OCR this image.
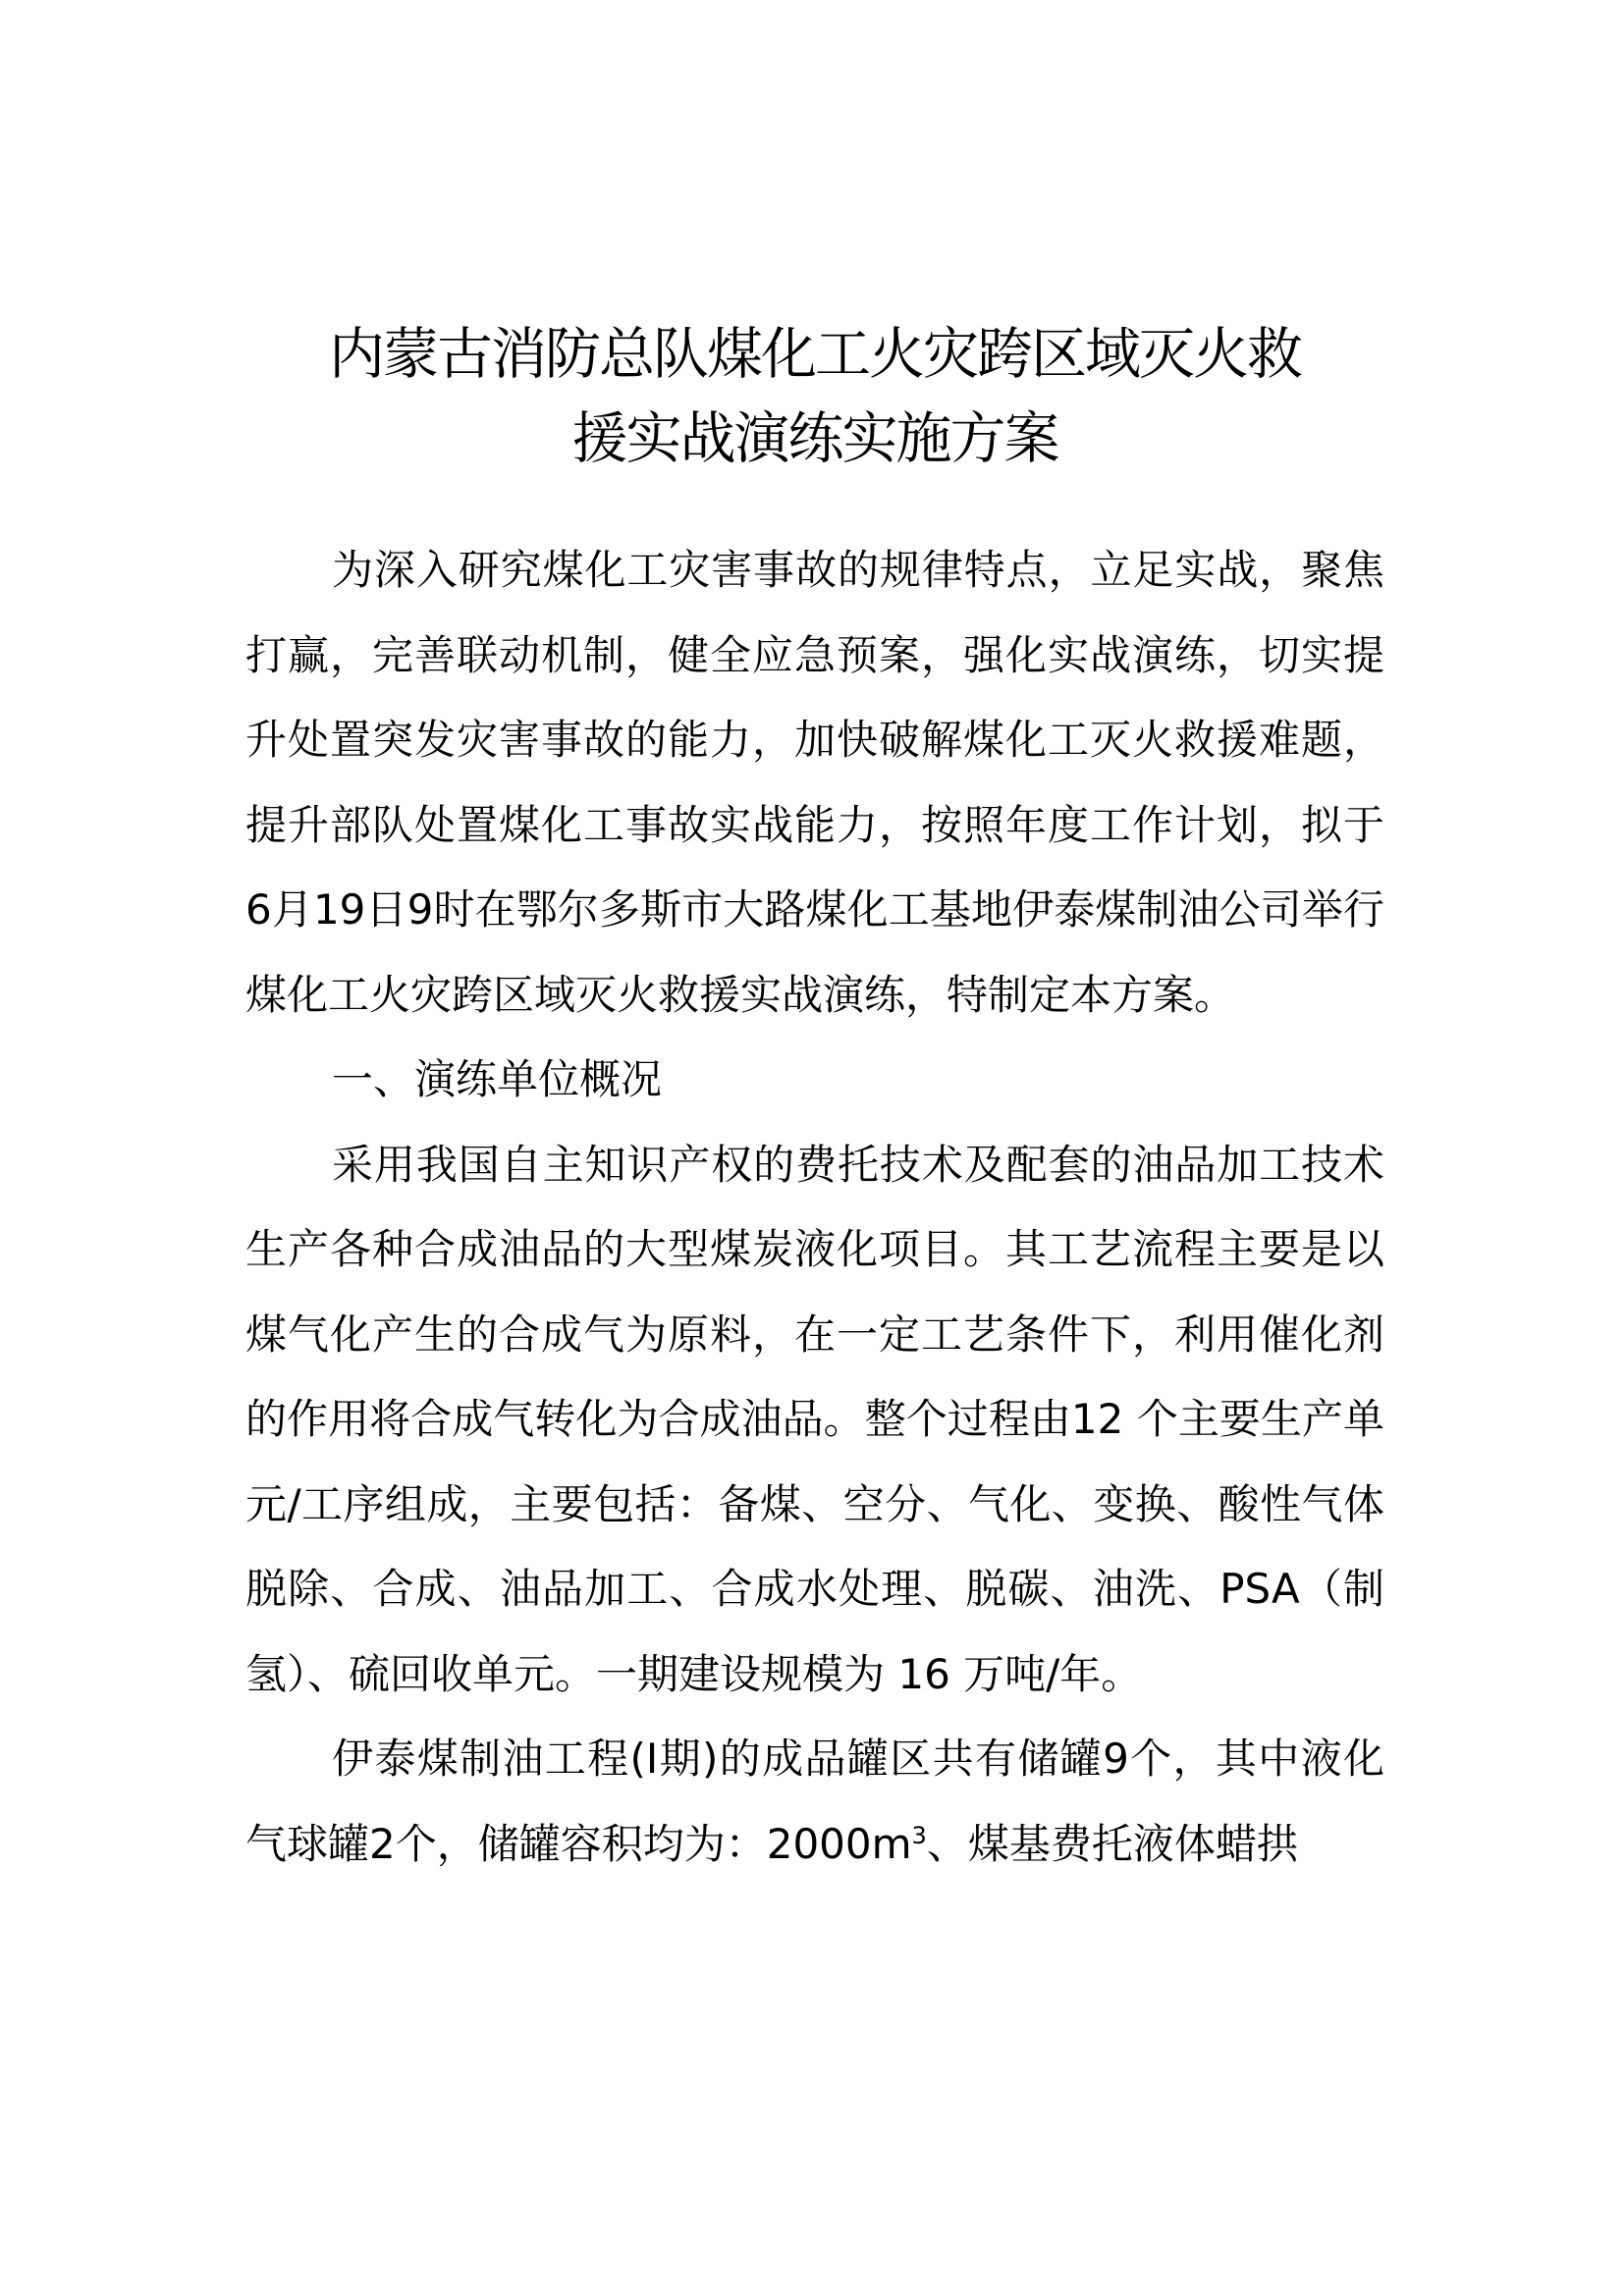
内蒙古消防总队煤化工火灾跨区域灭火救
援实战演练实施方案

为深入研究煤化工灾害事故的规律特点，立足实战，聚焦打赢，完善联动机制，健全应急预案，强化实战演练，切实提升处置突发灾害事故的能力，加快破解煤化工灭火救援难题，提升部队处置煤化工事故实战能力，按照年度工作计划，拟于6月19日9时在鄂尔多斯市大路煤化工基地伊泰煤制油公司举行煤化工火灾跨区域灭火救援实战演练，特制定本方案。

一、演练单位概况

采用我国自主知识产权的费托技术及配套的油品加工技术生产各种合成油品的大型煤炭液化项目。其工艺流程主要是以煤气化产生的合成气为原料，在一定工艺条件下，利用催化剂的作用将合成气转化为合成油品。整个过程由12 个主要生产单元/工序组成，主要包括：备煤、空分、气化、变换、酸性气体脱除、合成、油品加工、合成水处理、脱碳、油洗、PSA（制氢）、硫回收单元。一期建设规模为 16 万吨/年。

伊泰煤制油工程(I期)的成品罐区共有储罐9个，其中液化气球罐2个，储罐容积均为：$2000m^3$、煤基费托液体蜡拱
